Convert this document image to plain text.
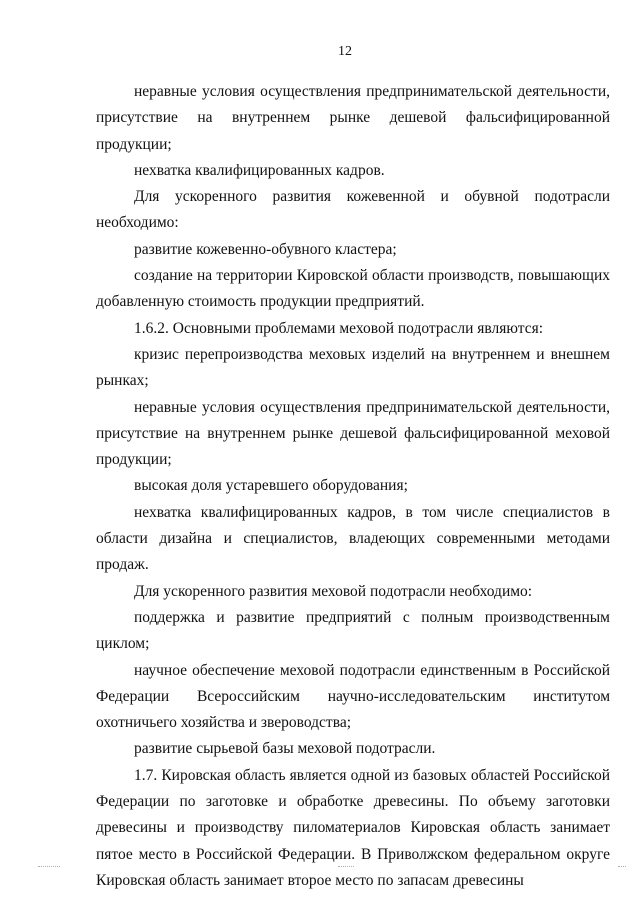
12

неравные условия осуществления предпринимательской деятельности, присутствие на внутреннем рынке дешевой фальсифицированной продукции;

нехватка квалифицированных кадров.

Для ускоренного развития кожевенной и обувной подотрасли необходимо:

развитие кожевенно-обувного кластера;

создание на территории Кировской области производств, повышающих добавленную стоимость продукции предприятий.

1.6.2. Основными проблемами меховой подотрасли являются:

кризис перепроизводства меховых изделий на внутреннем и внешнем рынках;

неравные условия осуществления предпринимательской деятельности, присутствие на внутреннем рынке дешевой фальсифицированной меховой продукции;

высокая доля устаревшего оборудования;

нехватка квалифицированных кадров, в том числе специалистов в области дизайна и специалистов, владеющих современными методами продаж.

Для ускоренного развития меховой подотрасли необходимо:

поддержка и развитие предприятий с полным производственным циклом;

научное обеспечение меховой подотрасли единственным в Российской Федерации Всероссийским научно-исследовательским институтом охотничьего хозяйства и звероводства;

развитие сырьевой базы меховой подотрасли.

1.7. Кировская область является одной из базовых областей Российской Федерации по заготовке и обработке древесины. По объему заготовки древесины и производству пиломатериалов Кировская область занимает пятое место в Российской Федерации. В Приволжском федеральном округе Кировская область занимает второе место по запасам древесины
